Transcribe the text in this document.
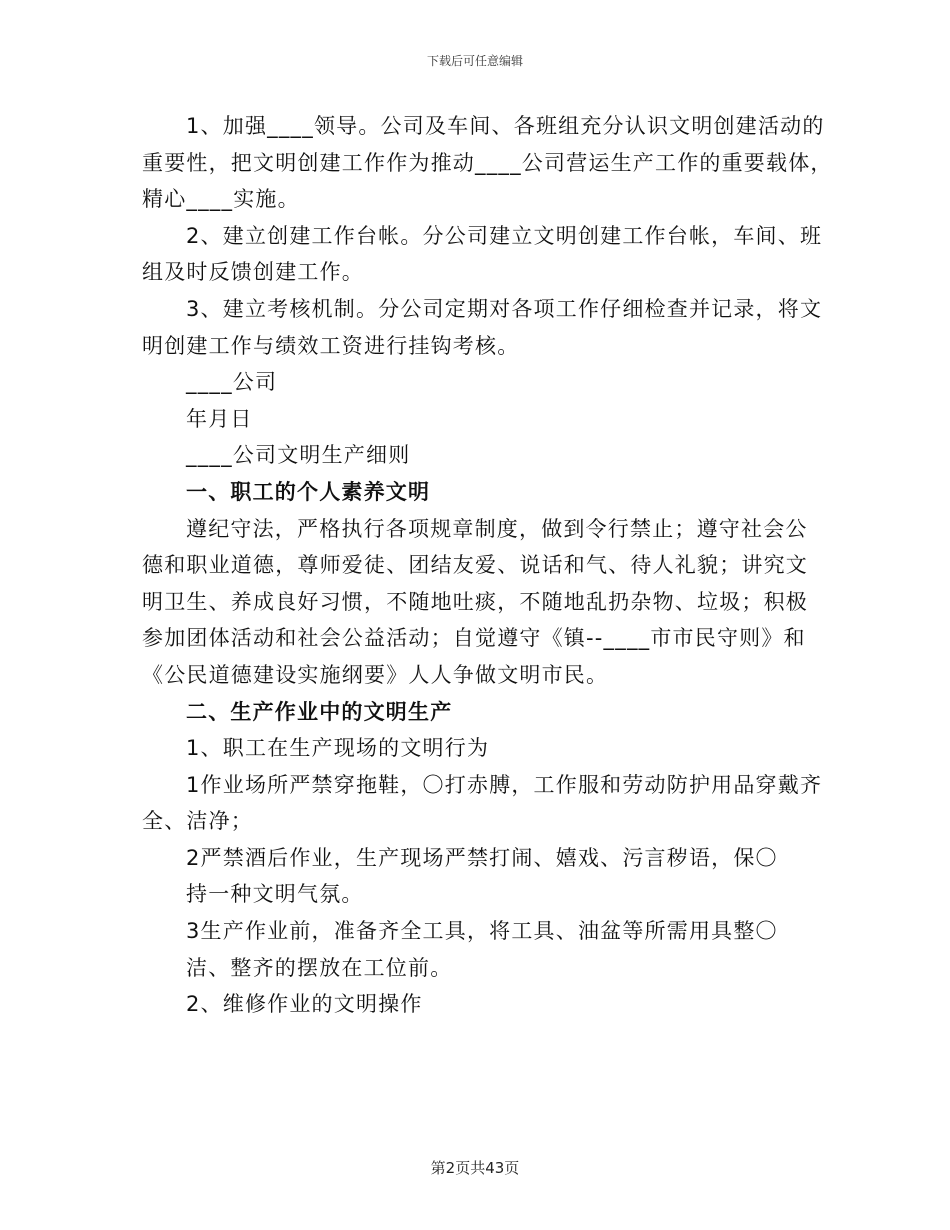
下载后可任意编辑
1、加强____领导。公司及车间、各班组充分认识文明创建活动的
重要性，把文明创建工作作为推动____公司营运生产工作的重要载体，
精心____实施。
2、建立创建工作台帐。分公司建立文明创建工作台帐，车间、班
组及时反馈创建工作。
3、建立考核机制。分公司定期对各项工作仔细检查并记录，将文
明创建工作与绩效工资进行挂钩考核。
____公司
年月日
____公司文明生产细则
一、职工的个人素养文明
遵纪守法，严格执行各项规章制度，做到令行禁止；遵守社会公
德和职业道德，尊师爱徒、团结友爱、说话和气、待人礼貌；讲究文
明卫生、养成良好习惯，不随地吐痰，不随地乱扔杂物、垃圾；积极
参加团体活动和社会公益活动；自觉遵守《镇--____市市民守则》和
《公民道德建设实施纲要》人人争做文明市民。
二、生产作业中的文明生产
1、职工在生产现场的文明行为
1作业场所严禁穿拖鞋，〇打赤膊，工作服和劳动防护用品穿戴齐
全、洁净；
2严禁酒后作业，生产现场严禁打闹、嬉戏、污言秽语，保〇
持一种文明气氛。
3生产作业前，准备齐全工具，将工具、油盆等所需用具整〇
洁、整齐的摆放在工位前。
2、维修作业的文明操作
第2页共43页
